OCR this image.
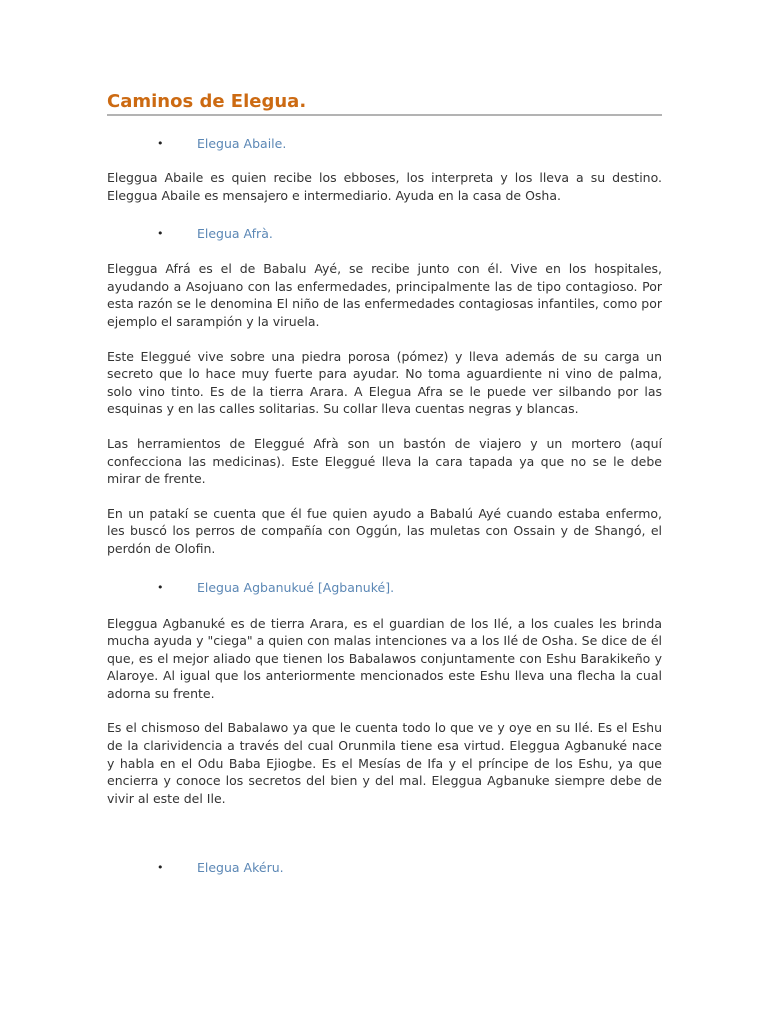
Caminos de Elegua.
•	Elegua Abaile.

Eleggua Abaile es quien recibe los ebboses, los interpreta y los lleva a su destino. Eleggua Abaile es mensajero e intermediario. Ayuda en la casa de Osha.

•	Elegua Afrà.

Eleggua Afrá es el de Babalu Ayé, se recibe junto con él. Vive en los hospitales, ayudando a Asojuano con las enfermedades, principalmente las de tipo contagioso. Por esta razón se le denomina El niño de las enfermedades contagiosas infantiles, como por ejemplo el sarampión y la viruela.

Este Eleggué vive sobre una piedra porosa (pómez) y lleva además de su carga un secreto que lo hace muy fuerte para ayudar. No toma aguardiente ni vino de palma, solo vino tinto. Es de la tierra Arara. A Elegua Afra se le puede ver silbando por las esquinas y en las calles solitarias. Su collar lleva cuentas negras y blancas.

Las herramientos de Eleggué Afrà son un bastón de viajero y un mortero (aquí confecciona las medicinas). Este Eleggué lleva la cara tapada ya que no se le debe mirar de frente.

En un patakí se cuenta que él fue quien ayudo a Babalú Ayé cuando estaba enfermo, les buscó los perros de compañía con Oggún, las muletas con Ossain y de Shangó, el perdón de Olofin.

•	Elegua Agbanukué [Agbanuké].

Eleggua Agbanuké es de tierra Arara, es el guardian de los Ilé, a los cuales les brinda mucha ayuda y "ciega" a quien con malas intenciones va a los Ilé de Osha. Se dice de él que, es el mejor aliado que tienen los Babalawos conjuntamente con Eshu Barakikeño y Alaroye. Al igual que los anteriormente mencionados este Eshu lleva una flecha la cual adorna su frente.

Es el chismoso del Babalawo ya que le cuenta todo lo que ve y oye en su Ilé. Es el Eshu de la clarividencia a través del cual Orunmila tiene esa virtud. Eleggua Agbanuké nace y habla en el Odu Baba Ejiogbe. Es el Mesías de Ifa y el príncipe de los Eshu, ya que encierra y conoce los secretos del bien y del mal. Eleggua Agbanuke siempre debe de vivir al este del Ile.

•	Elegua Akéru.
